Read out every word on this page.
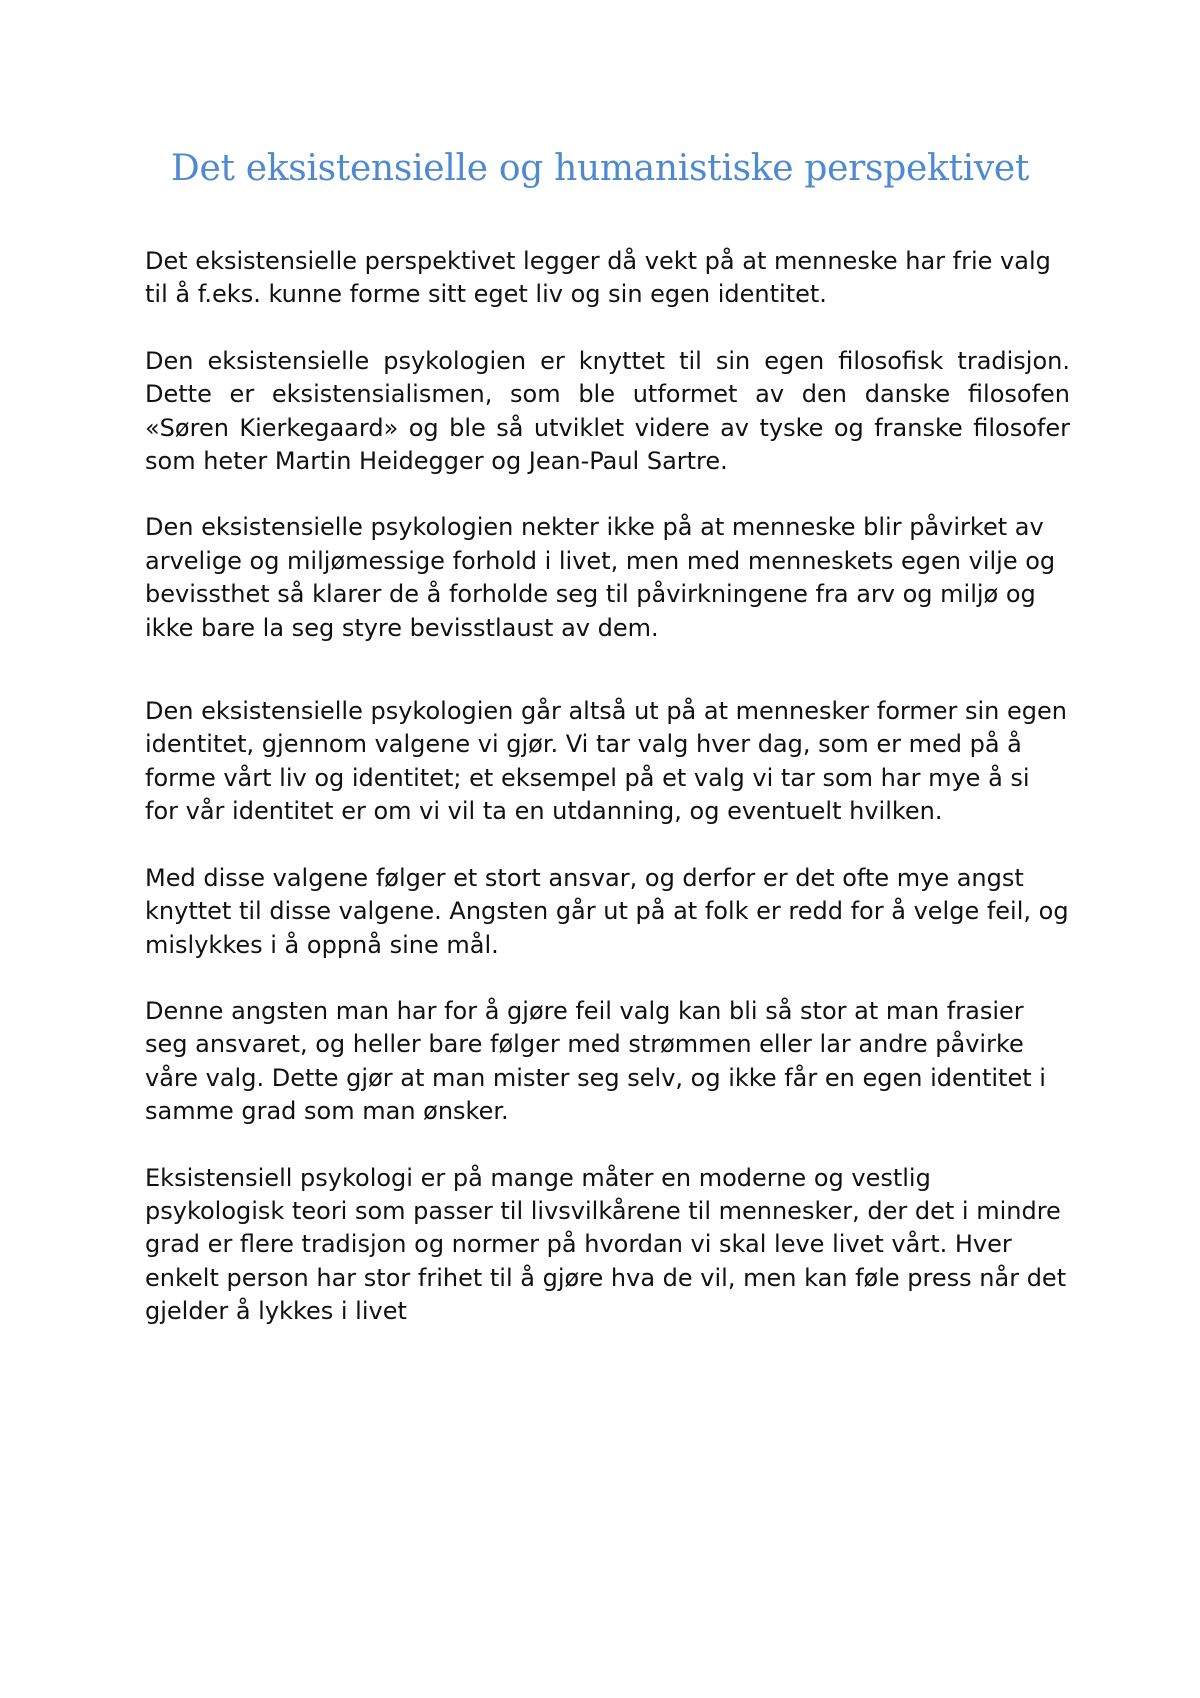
Det eksistensielle og humanistiske perspektivet

Det eksistensielle perspektivet legger då vekt på at menneske har frie valg til å f.eks. kunne forme sitt eget liv og sin egen identitet.

Den eksistensielle psykologien er knyttet til sin egen filosofisk tradisjon. Dette er eksistensialismen, som ble utformet av den danske filosofen «Søren Kierkegaard» og ble så utviklet videre av tyske og franske filosofer som heter Martin Heidegger og Jean-Paul Sartre.

Den eksistensielle psykologien nekter ikke på at menneske blir påvirket av arvelige og miljømessige forhold i livet, men med menneskets egen vilje og bevissthet så klarer de å forholde seg til påvirkningene fra arv og miljø og ikke bare la seg styre bevisstlaust av dem.

Den eksistensielle psykologien går altså ut på at mennesker former sin egen identitet, gjennom valgene vi gjør. Vi tar valg hver dag, som er med på å forme vårt liv og identitet; et eksempel på et valg vi tar som har mye å si for vår identitet er om vi vil ta en utdanning, og eventuelt hvilken.

Med disse valgene følger et stort ansvar, og derfor er det ofte mye angst knyttet til disse valgene. Angsten går ut på at folk er redd for å velge feil, og mislykkes i å oppnå sine mål.

Denne angsten man har for å gjøre feil valg kan bli så stor at man frasier seg ansvaret, og heller bare følger med strømmen eller lar andre påvirke våre valg. Dette gjør at man mister seg selv, og ikke får en egen identitet i samme grad som man ønsker.

Eksistensiell psykologi er på mange måter en moderne og vestlig psykologisk teori som passer til livsvilkårene til mennesker, der det i mindre grad er flere tradisjon og normer på hvordan vi skal leve livet vårt. Hver enkelt person har stor frihet til å gjøre hva de vil, men kan føle press når det gjelder å lykkes i livet
